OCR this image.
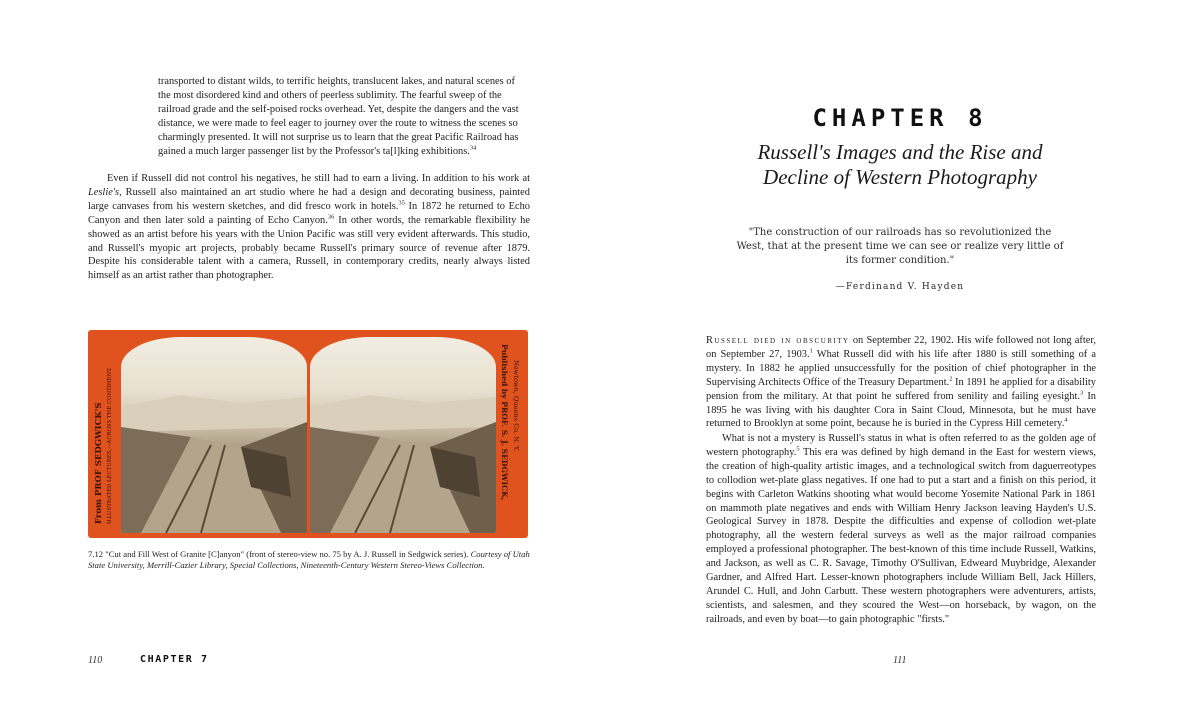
transported to distant wilds, to terrific heights, translucent lakes, and natural scenes of the most disordered kind and others of peerless sublimity. The fearful sweep of the railroad grade and the self-poised rocks overhead. Yet, despite the dangers and the vast distance, we were made to feel eager to journey over the route to witness the scenes so charmingly presented. It will not surprise us to learn that the great Pacific Railroad has gained a much larger passenger list by the Professor's ta[l]king exhibitions.$^{34}$

Even if Russell did not control his negatives, he still had to earn a living. In addition to his work at Leslie's, Russell also maintained an art studio where he had a design and decorating business, painted large canvases from his western sketches, and did fresco work in hotels.$^{35}$ In 1872 he returned to Echo Canyon and then later sold a painting of Echo Canyon.$^{36}$ In other words, the remarkable flexibility he showed as an artist before his years with the Union Pacific was still very evident afterwards. This studio, and Russell's myopic art projects, probably became Russell's primary source of revenue after 1879. Despite his considerable talent with a camera, Russell, in contemporary credits, nearly always listed himself as an artist rather than photographer.

From PROF SEDGWICK'S ILLUSTRATED LECTURES,—ACROSS THE CONTINENT.	Published by PROF. S. J. SEDGWICK, Newtown, Queens Co. N. Y.

7.12 "Cut and Fill West of Granite [C]anyon" (front of stereo-view no. 75 by A. J. Russell in Sedgwick series). Courtesy of Utah State University, Merrill-Cazier Library, Special Collections, Nineteenth-Century Western Stereo-Views Collection.

110	CHAPTER 7
CHAPTER 8
Russell's Images and the Rise and
Decline of Western Photography
"The construction of our railroads has so revolutionized the West, that at the present time we can see or realize very little of its former condition."
—Ferdinand V. Hayden

Russell died in obscurity on September 22, 1902. His wife followed not long after, on September 27, 1903.$^1$ What Russell did with his life after 1880 is still something of a mystery. In 1882 he applied unsuccessfully for the position of chief photographer in the Supervising Architects Office of the Treasury Department.$^2$ In 1891 he applied for a disability pension from the military. At that point he suffered from senility and failing eyesight.$^3$ In 1895 he was living with his daughter Cora in Saint Cloud, Minnesota, but he must have returned to Brooklyn at some point, because he is buried in the Cypress Hill cemetery.$^4$

What is not a mystery is Russell's status in what is often referred to as the golden age of western photography.$^5$ This era was defined by high demand in the East for western views, the creation of high-quality artistic images, and a technological switch from daguerreotypes to collodion wet-plate glass negatives. If one had to put a start and a finish on this period, it begins with Carleton Watkins shooting what would become Yosemite National Park in 1861 on mammoth plate negatives and ends with William Henry Jackson leaving Hayden's U.S. Geological Survey in 1878. Despite the difficulties and expense of collodion wet-plate photography, all the western federal surveys as well as the major railroad companies employed a professional photographer. The best-known of this time include Russell, Watkins, and Jackson, as well as C. R. Savage, Timothy O'Sullivan, Edweard Muybridge, Alexander Gardner, and Alfred Hart. Lesser-known photographers include William Bell, Jack Hillers, Arundel C. Hull, and John Carbutt. These western photographers were adventurers, artists, scientists, and salesmen, and they scoured the West—on horseback, by wagon, on the railroads, and even by boat—to gain photographic "firsts."

111
